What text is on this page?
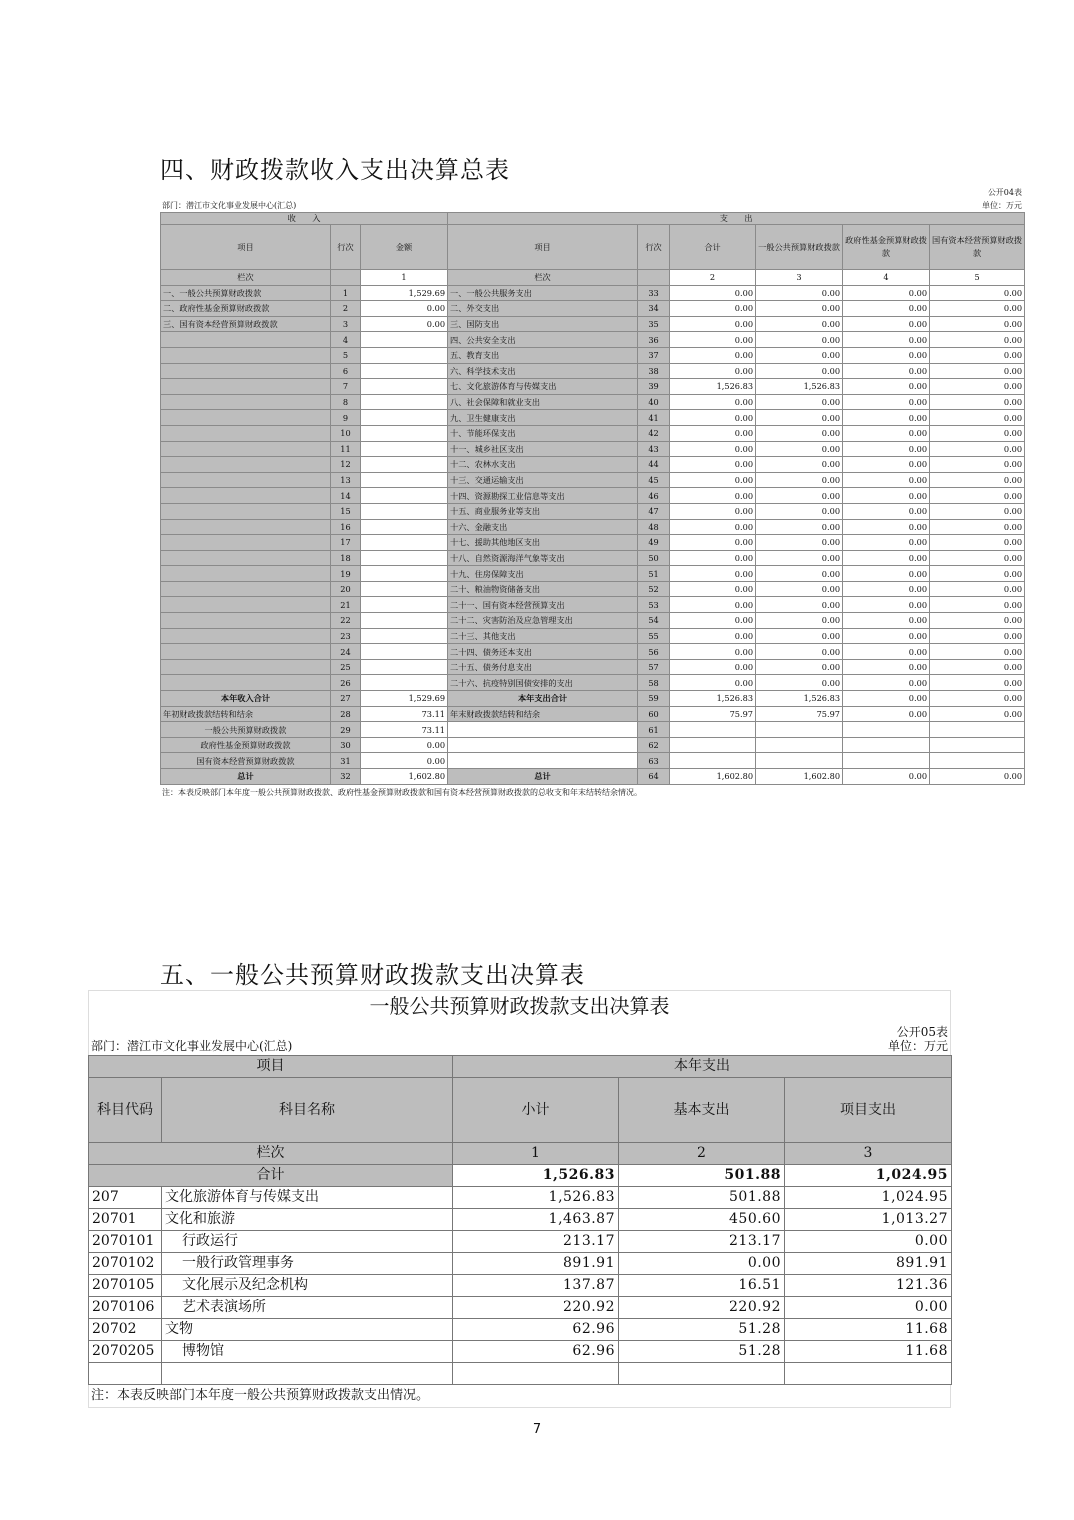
四、财政拨款收入支出决算总表
公开04表
部门：潜江市文化事业发展中心(汇总)	单位：万元
收　　入			支　　出					
项目	行次	金额	项目	行次	合计	一般公共预算财政拨款	政府性基金预算财政拨款	国有资本经营预算财政拨款
栏次		1	栏次		2	3	4	5
一、一般公共预算财政拨款	1	1,529.69	一、一般公共服务支出	33	0.00	0.00	0.00	0.00
二、政府性基金预算财政拨款	2	0.00	二、外交支出	34	0.00	0.00	0.00	0.00
三、国有资本经营预算财政拨款	3	0.00	三、国防支出	35	0.00	0.00	0.00	0.00
	4		四、公共安全支出	36	0.00	0.00	0.00	0.00
	5		五、教育支出	37	0.00	0.00	0.00	0.00
	6		六、科学技术支出	38	0.00	0.00	0.00	0.00
	7		七、文化旅游体育与传媒支出	39	1,526.83	1,526.83	0.00	0.00
	8		八、社会保障和就业支出	40	0.00	0.00	0.00	0.00
	9		九、卫生健康支出	41	0.00	0.00	0.00	0.00
	10		十、节能环保支出	42	0.00	0.00	0.00	0.00
	11		十一、城乡社区支出	43	0.00	0.00	0.00	0.00
	12		十二、农林水支出	44	0.00	0.00	0.00	0.00
	13		十三、交通运输支出	45	0.00	0.00	0.00	0.00
	14		十四、资源勘探工业信息等支出	46	0.00	0.00	0.00	0.00
	15		十五、商业服务业等支出	47	0.00	0.00	0.00	0.00
	16		十六、金融支出	48	0.00	0.00	0.00	0.00
	17		十七、援助其他地区支出	49	0.00	0.00	0.00	0.00
	18		十八、自然资源海洋气象等支出	50	0.00	0.00	0.00	0.00
	19		十九、住房保障支出	51	0.00	0.00	0.00	0.00
	20		二十、粮油物资储备支出	52	0.00	0.00	0.00	0.00
	21		二十一、国有资本经营预算支出	53	0.00	0.00	0.00	0.00
	22		二十二、灾害防治及应急管理支出	54	0.00	0.00	0.00	0.00
	23		二十三、其他支出	55	0.00	0.00	0.00	0.00
	24		二十四、债务还本支出	56	0.00	0.00	0.00	0.00
	25		二十五、债务付息支出	57	0.00	0.00	0.00	0.00
	26		二十六、抗疫特别国债安排的支出	58	0.00	0.00	0.00	0.00
本年收入合计	27	1,529.69	本年支出合计	59	1,526.83	1,526.83	0.00	0.00
年初财政拨款结转和结余	28	73.11	年末财政拨款结转和结余	60	75.97	75.97	0.00	0.00
一般公共预算财政拨款	29	73.11		61				
政府性基金预算财政拨款	30	0.00		62				
国有资本经营预算财政拨款	31	0.00		63				
总计	32	1,602.80	总计	64	1,602.80	1,602.80	0.00	0.00
注：本表反映部门本年度一般公共预算财政拨款、政府性基金预算财政拨款和国有资本经营预算财政拨款的总收支和年末结转结余情况。
五、一般公共预算财政拨款支出决算表
一般公共预算财政拨款支出决算表
公开05表
部门：潜江市文化事业发展中心(汇总)	单位：万元
项目		本年支出		
科目代码	科目名称	小计	基本支出	项目支出
栏次		1	2	3
合计		1,526.83	501.88	1,024.95
207	文化旅游体育与传媒支出	1,526.83	501.88	1,024.95
20701	文化和旅游	1,463.87	450.60	1,013.27
2070101	行政运行	213.17	213.17	0.00
2070102	一般行政管理事务	891.91	0.00	891.91
2070105	文化展示及纪念机构	137.87	16.51	121.36
2070106	艺术表演场所	220.92	220.92	0.00
20702	文物	62.96	51.28	11.68
2070205	博物馆	62.96	51.28	11.68

注：本表反映部门本年度一般公共预算财政拨款支出情况。
7
